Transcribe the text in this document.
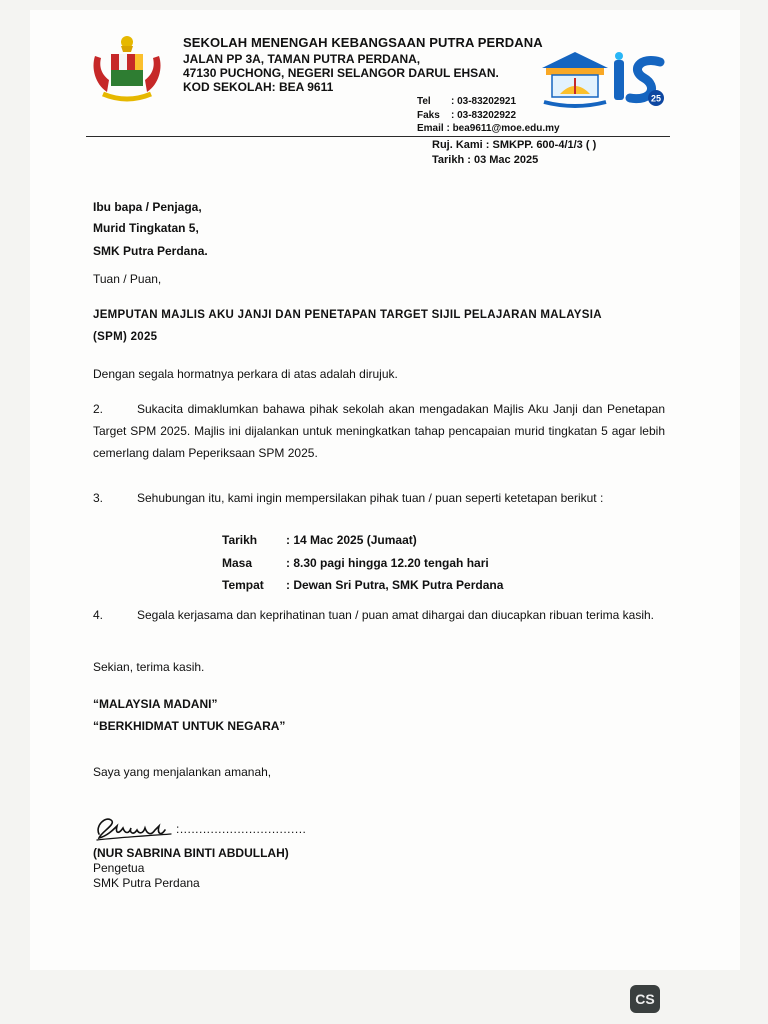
SEKOLAH MENENGAH KEBANGSAAN PUTRA PERDANA
JALAN PP 3A, TAMAN PUTRA PERDANA,
47130 PUCHONG, NEGERI SELANGOR DARUL EHSAN.
KOD SEKOLAH: BEA 9611
Tel : 03-83202921
Faks : 03-83202922
Email : bea9611@moe.edu.my
25
Ruj. Kami : SMKPP. 600-4/1/3 ( )
Tarikh : 03 Mac 2025
Ibu bapa / Penjaga,
Murid Tingkatan 5,
SMK Putra Perdana.
Tuan / Puan,
JEMPUTAN MAJLIS AKU JANJI DAN PENETAPAN TARGET SIJIL PELAJARAN MALAYSIA
(SPM) 2025
Dengan segala hormatnya perkara di atas adalah dirujuk.
2.	Sukacita dimaklumkan bahawa pihak sekolah akan mengadakan Majlis Aku Janji dan Penetapan Target SPM 2025. Majlis ini dijalankan untuk meningkatkan tahap pencapaian murid tingkatan 5 agar lebih cemerlang dalam Peperiksaan SPM 2025.
3.	Sehubungan itu, kami ingin mempersilakan pihak tuan / puan seperti ketetapan berikut :
Tarikh : 14 Mac 2025 (Jumaat)
Masa	: 8.30 pagi hingga 12.20 tengah hari
Tempat : Dewan Sri Putra, SMK Putra Perdana
4.	Segala kerjasama dan keprihatinan tuan / puan amat dihargai dan diucapkan ribuan terima kasih.
Sekian, terima kasih.
“MALAYSIA MADANI”
“BERKHIDMAT UNTUK NEGARA”
Saya yang menjalankan amanah,
:.................................
(NUR SABRINA BINTI ABDULLAH)
Pengetua
SMK Putra Perdana
CS
